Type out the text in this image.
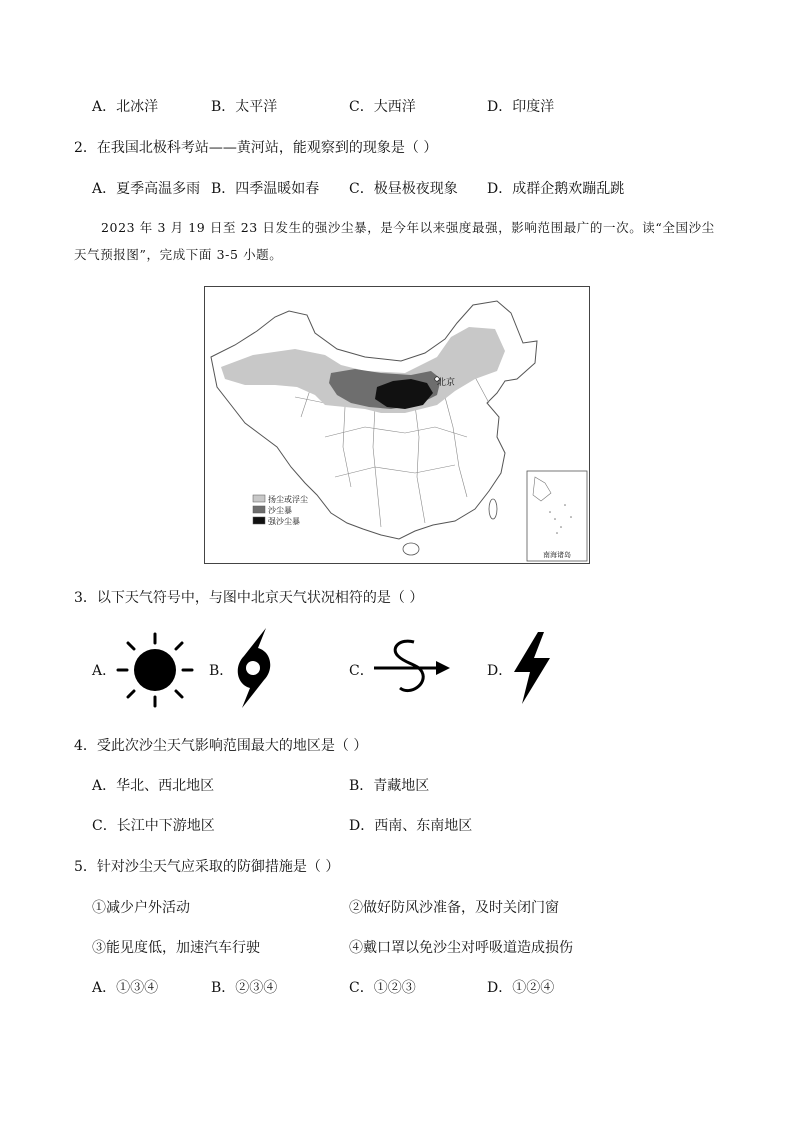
A．北冰洋	B．太平洋	C．大西洋	D．印度洋
2．在我国北极科考站——黄河站，能观察到的现象是（ ）
A．夏季高温多雨 B．四季温暖如春 C．极昼极夜现象 D．成群企鹅欢蹦乱跳
2023 年 3 月 19 日至 23 日发生的强沙尘暴，是今年以来强度最强，影响范围最广的一次。读“全国沙尘
天气预报图”，完成下面 3-5 小题。
北京
扬尘或浮尘
沙尘暴
强沙尘暴
南海诸岛
3．以下天气符号中，与图中北京天气状况相符的是（ ）
A．	B．	C．	D．
4．受此次沙尘天气影响范围最大的地区是（ ）
A．华北、西北地区	B．青藏地区
C．长江中下游地区	D．西南、东南地区
5．针对沙尘天气应采取的防御措施是（ ）
①减少户外活动	②做好防风沙准备，及时关闭门窗
③能见度低，加速汽车行驶	④戴口罩以免沙尘对呼吸道造成损伤
A．①③④	B．②③④	C．①②③	D．①②④
